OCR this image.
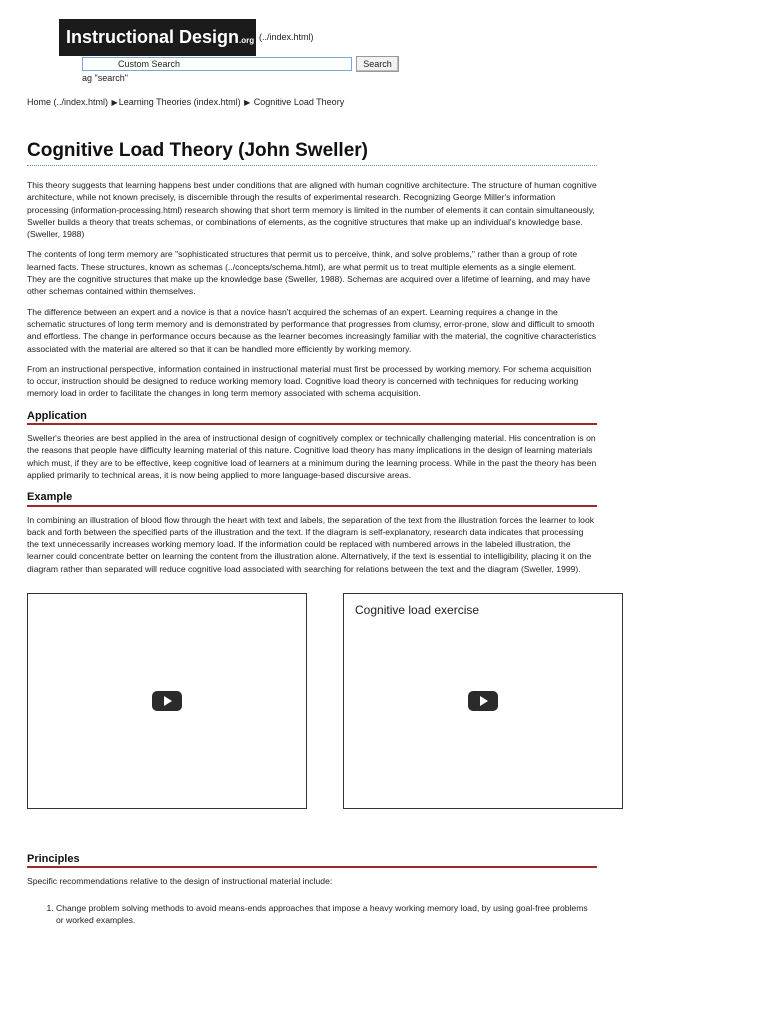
Instructional Design.org (../index.html)
Custom Search	Search
ag "search"
Home (../index.html) ▶Learning Theories (index.html) ▶ Cognitive Load Theory
Cognitive Load Theory (John Sweller)

This theory suggests that learning happens best under conditions that are aligned with human cognitive architecture. The structure of human cognitive architecture, while not known precisely, is discernible through the results of experimental research. Recognizing George Miller's information processing (information-processing.html) research showing that short term memory is limited in the number of elements it can contain simultaneously, Sweller builds a theory that treats schemas, or combinations of elements, as the cognitive structures that make up an individual's knowledge base. (Sweller, 1988)

The contents of long term memory are "sophisticated structures that permit us to perceive, think, and solve problems," rather than a group of rote learned facts. These structures, known as schemas (../concepts/schema.html), are what permit us to treat multiple elements as a single element. They are the cognitive structures that make up the knowledge base (Sweller, 1988). Schemas are acquired over a lifetime of learning, and may have other schemas contained within themselves.

The difference between an expert and a novice is that a novice hasn't acquired the schemas of an expert. Learning requires a change in the schematic structures of long term memory and is demonstrated by performance that progresses from clumsy, error-prone, slow and difficult to smooth and effortless. The change in performance occurs because as the learner becomes increasingly familiar with the material, the cognitive characteristics associated with the material are altered so that it can be handled more efficiently by working memory.

From an instructional perspective, information contained in instructional material must first be processed by working memory. For schema acquisition to occur, instruction should be designed to reduce working memory load. Cognitive load theory is concerned with techniques for reducing working memory load in order to facilitate the changes in long term memory associated with schema acquisition.

Application

Sweller's theories are best applied in the area of instructional design of cognitively complex or technically challenging material. His concentration is on the reasons that people have difficulty learning material of this nature. Cognitive load theory has many implications in the design of learning materials which must, if they are to be effective, keep cognitive load of learners at a minimum during the learning process. While in the past the theory has been applied primarily to technical areas, it is now being applied to more language-based discursive areas.

Example

In combining an illustration of blood flow through the heart with text and labels, the separation of the text from the illustration forces the learner to look back and forth between the specified parts of the illustration and the text. If the diagram is self-explanatory, research data indicates that processing the text unnecessarily increases working memory load. If the information could be replaced with numbered arrows in the labeled illustration, the learner could concentrate better on learning the content from the illustration alone. Alternatively, if the text is essential to intelligibility, placing it on the diagram rather than separated will reduce cognitive load associated with searching for relations between the text and the diagram (Sweller, 1999).

Cognitive load exercise
Principles

Specific recommendations relative to the design of instructional material include:

1. Change problem solving methods to avoid means-ends approaches that impose a heavy working memory load, by using goal-free problems or worked examples.
